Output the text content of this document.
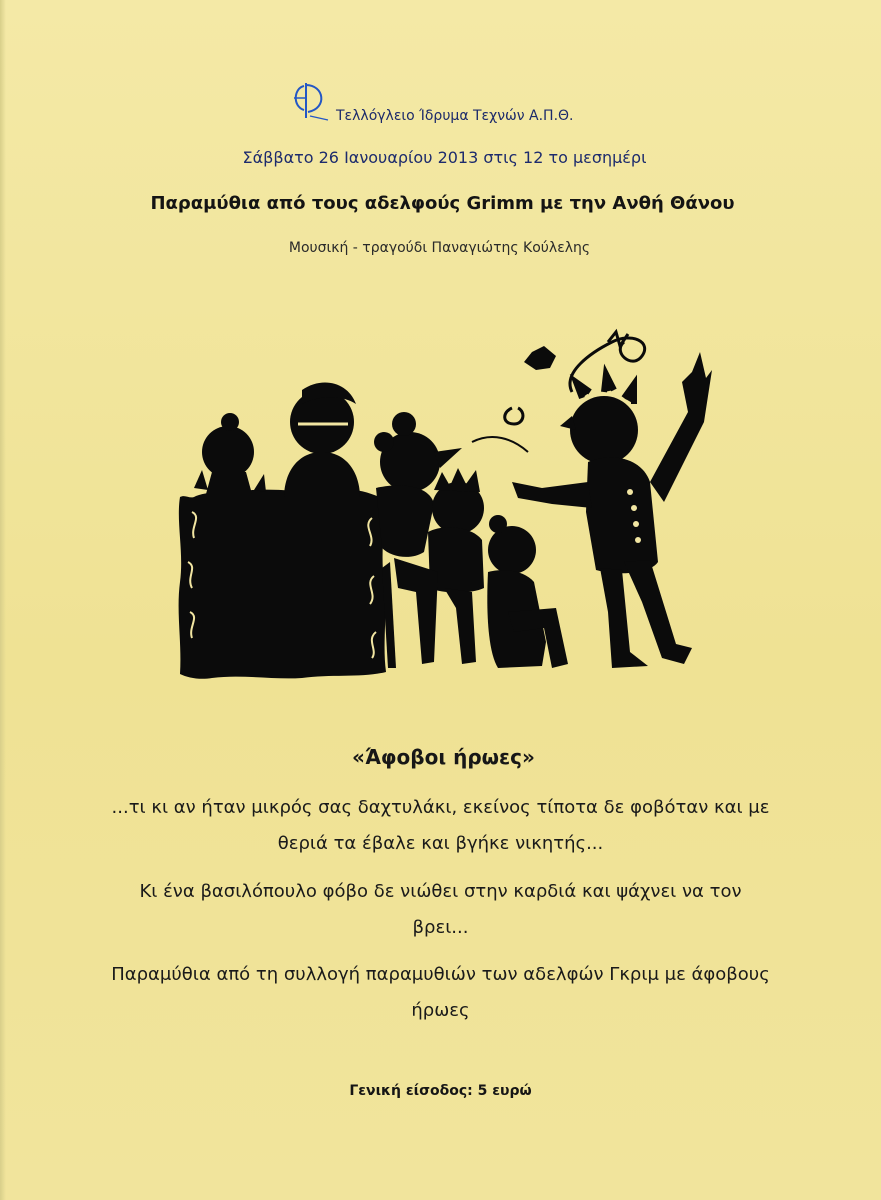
Τελλόγλειο Ίδρυμα Τεχνών Α.Π.Θ.
Σάββατο 26 Ιανουαρίου 2013 στις 12 το μεσημέρι
Παραμύθια από τους αδελφούς Grimm με την Ανθή Θάνου
Μουσική - τραγούδι Παναγιώτης Κούλελης
«Άφοβοι ήρωες»
...τι κι αν ήταν μικρός σας δαχτυλάκι, εκείνος τίποτα δε φοβόταν και με θεριά τα έβαλε και βγήκε νικητής...
Κι ένα βασιλόπουλο φόβο δε νιώθει στην καρδιά και ψάχνει να τον βρει...
Παραμύθια από τη συλλογή παραμυθιών των αδελφών Γκριμ με άφοβους ήρωες
Γενική είσοδος: 5 ευρώ
